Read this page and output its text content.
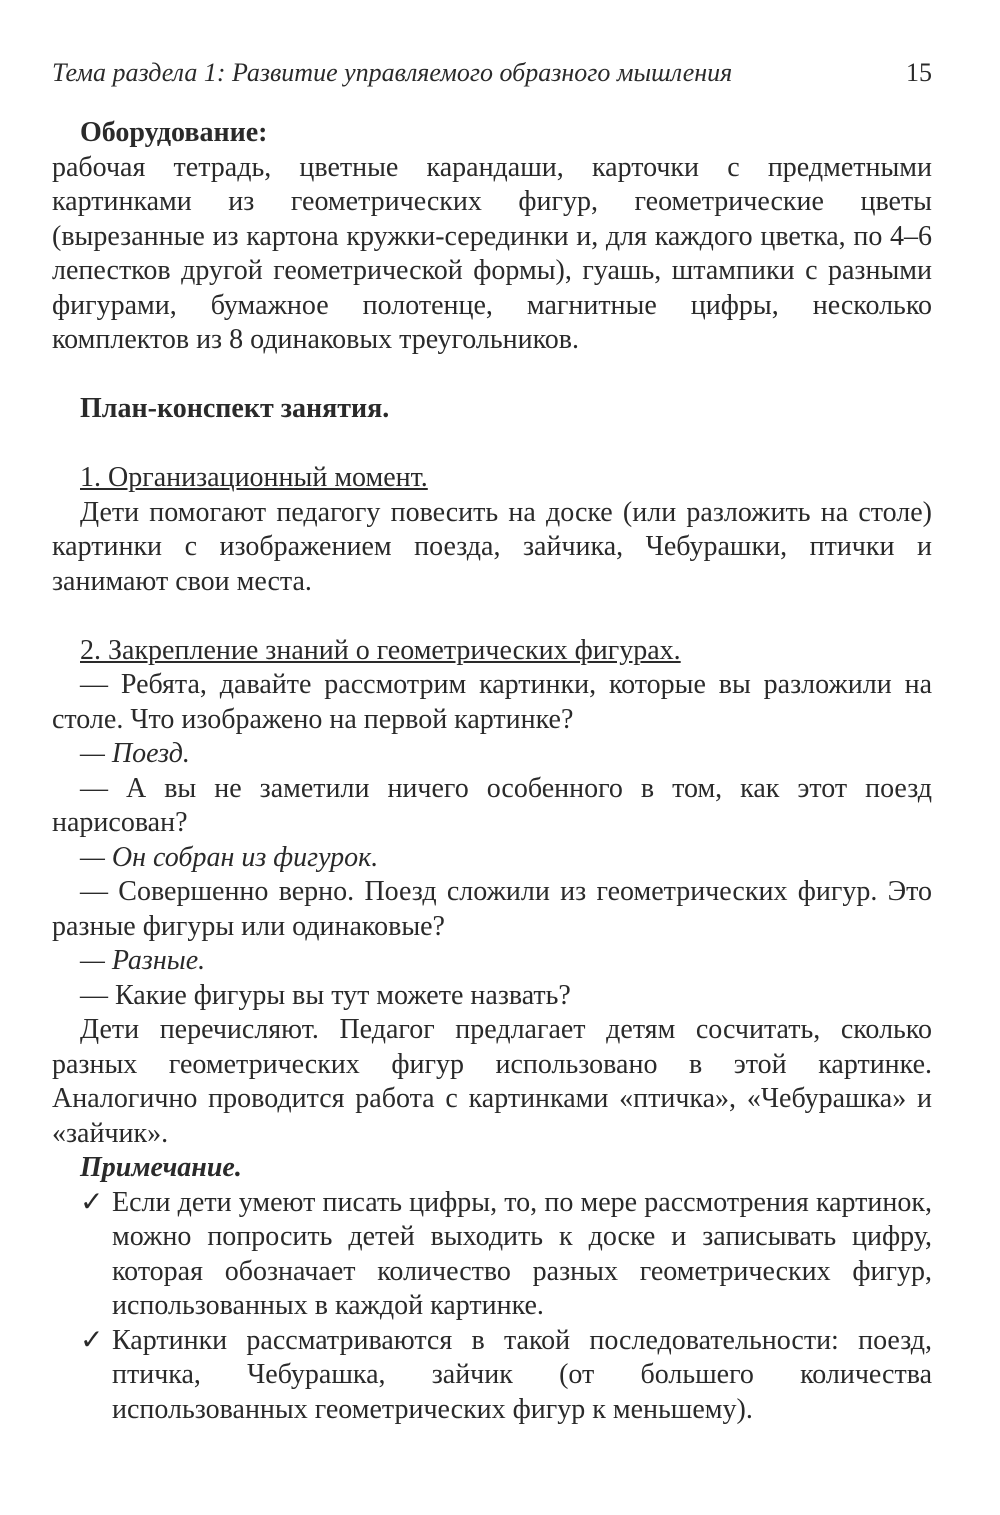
Тема раздела 1: Развитие управляемого образного мышления	15

Оборудование:

рабочая тетрадь, цветные карандаши, карточки с предметными картинками из геометрических фигур, геометрические цветы (вырезанные из картона кружки-серединки и, для каждого цветка, по 4–6 лепестков другой геометрической формы), гуашь, штампики с разными фигурами, бумажное полотенце, магнитные цифры, несколько комплектов из 8 одинаковых треугольников.

План-конспект занятия.

1. Организационный момент.

Дети помогают педагогу повесить на доске (или разложить на столе) картинки с изображением поезда, зайчика, Чебурашки, птички и занимают свои места.

2. Закрепление знаний о геометрических фигурах.

— Ребята, давайте рассмотрим картинки, которые вы разложили на столе. Что изображено на первой картинке?

— Поезд.

— А вы не заметили ничего особенного в том, как этот поезд нарисован?

— Он собран из фигурок.

— Совершенно верно. Поезд сложили из геометрических фигур. Это разные фигуры или одинаковые?

— Разные.

— Какие фигуры вы тут можете назвать?

Дети перечисляют. Педагог предлагает детям сосчитать, сколько разных геометрических фигур использовано в этой картинке. Аналогично проводится работа с картинками «птичка», «Чебурашка» и «зайчик».

Примечание.

✓ Если дети умеют писать цифры, то, по мере рассмотрения картинок, можно попросить детей выходить к доске и записывать цифру, которая обозначает количество разных геометрических фигур, использованных в каждой картинке.

✓ Картинки рассматриваются в такой последовательности: поезд, птичка, Чебурашка, зайчик (от большего количества использованных геометрических фигур к меньшему).
